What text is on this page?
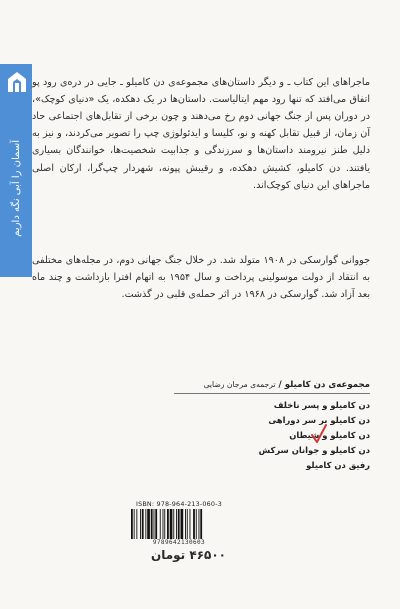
آسمان را آبی نگه داریم

ماجراهای این کتاب ـ و دیگر داستان‌های مجموعه‌ی دن کامیلو ـ جایی در دره‌ی رود پو اتفاق می‌افتد که تنها رود مهم ایتالیاست. داستان‌ها در یک دهکده، یک «دنیای کوچک»، در دوران پس از جنگ جهانی دوم رخ می‌دهند و چون برخی از تقابل‌های اجتماعی حاد آن زمان، از قبیل تقابل کهنه و نو، کلیسا و ایدئولوژی چپ را تصویر می‌کردند، و نیز به دلیل طنز نیرومند داستان‌ها و سرزندگی و جذابیت شخصیت‌ها، خوانندگان بسیاری یافتند. دن کامیلو، کشیش دهکده، و رقیبش پپونه، شهردار چپ‌گرا، ارکان اصلی ماجراهای این دنیای کوچک‌اند.

جووانی گوارسکی در ۱۹۰۸ متولد شد. در خلال جنگ جهانی دوم، در مجله‌های مختلفی به انتقاد از دولت موسولینی پرداخت و سال ۱۹۵۴ به اتهام افترا بازداشت و چند ماه بعد آزاد شد. گوارسکی در ۱۹۶۸ در اثر حمله‌ی قلبی در گذشت.

مجموعه‌ی دن کامیلو / ترجمه‌ی مرجان رضایی
دن کامیلو و پسر ناخلف
دن کامیلو بر سر دوراهی
دن کامیلو و شیطان
دن کامیلو و جوانان سرکش
رفیق دن کامیلو
ISBN: 978-964-213-060-3
9789642130603
۴۶۵۰۰ تومان
